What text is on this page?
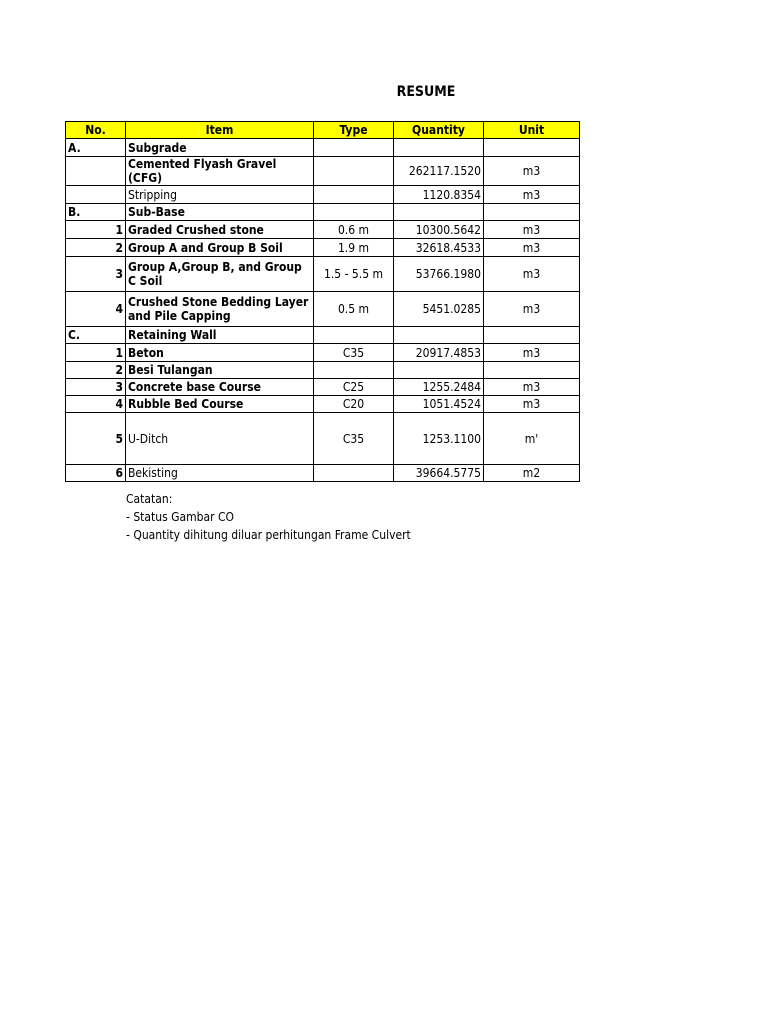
RESUME
No.	Item	Type	Quantity	Unit
A.	Subgrade			
	Cemented Flyash Gravel (CFG)		262117.1520	m3
	Stripping		1120.8354	m3
B.	Sub-Base			
1	Graded Crushed stone	0.6 m	10300.5642	m3
2	Group A and Group B Soil	1.9 m	32618.4533	m3
3	Group A,Group B, and Group C Soil	1.5 - 5.5 m	53766.1980	m3
4	Crushed Stone Bedding Layer and Pile Capping	0.5 m	5451.0285	m3
C.	Retaining Wall			
1	Beton	C35	20917.4853	m3
2	Besi Tulangan			
3	Concrete base Course	C25	1255.2484	m3
4	Rubble Bed Course	C20	1051.4524	m3
5	U-Ditch	C35	1253.1100	m'
6	Bekisting		39664.5775	m2
Catatan:
- Status Gambar CO
- Quantity dihitung diluar perhitungan Frame Culvert
